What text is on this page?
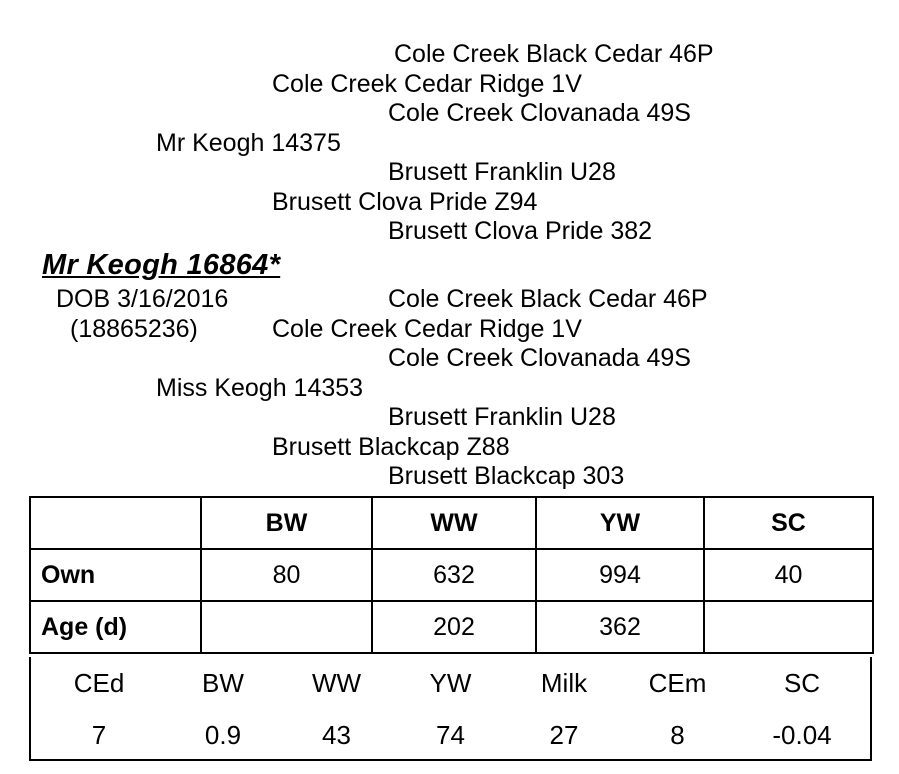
Cole Creek Black Cedar 46P
Cole Creek Cedar Ridge 1V
Cole Creek Clovanada 49S
Mr Keogh 14375
Brusett Franklin U28
Brusett Clova Pride Z94
Brusett Clova Pride 382
Mr Keogh 16864*
DOB 3/16/2016
(18865236)
Cole Creek Black Cedar 46P
Cole Creek Cedar Ridge 1V
Cole Creek Clovanada 49S
Miss Keogh 14353
Brusett Franklin U28
Brusett Blackcap Z88
Brusett Blackcap 303
	BW	WW	YW	SC
Own	80	632	994	40
Age (d)		202	362	
CEd	BW	WW	YW	Milk	CEm	SC
7	0.9	43	74	27	8	-0.04
